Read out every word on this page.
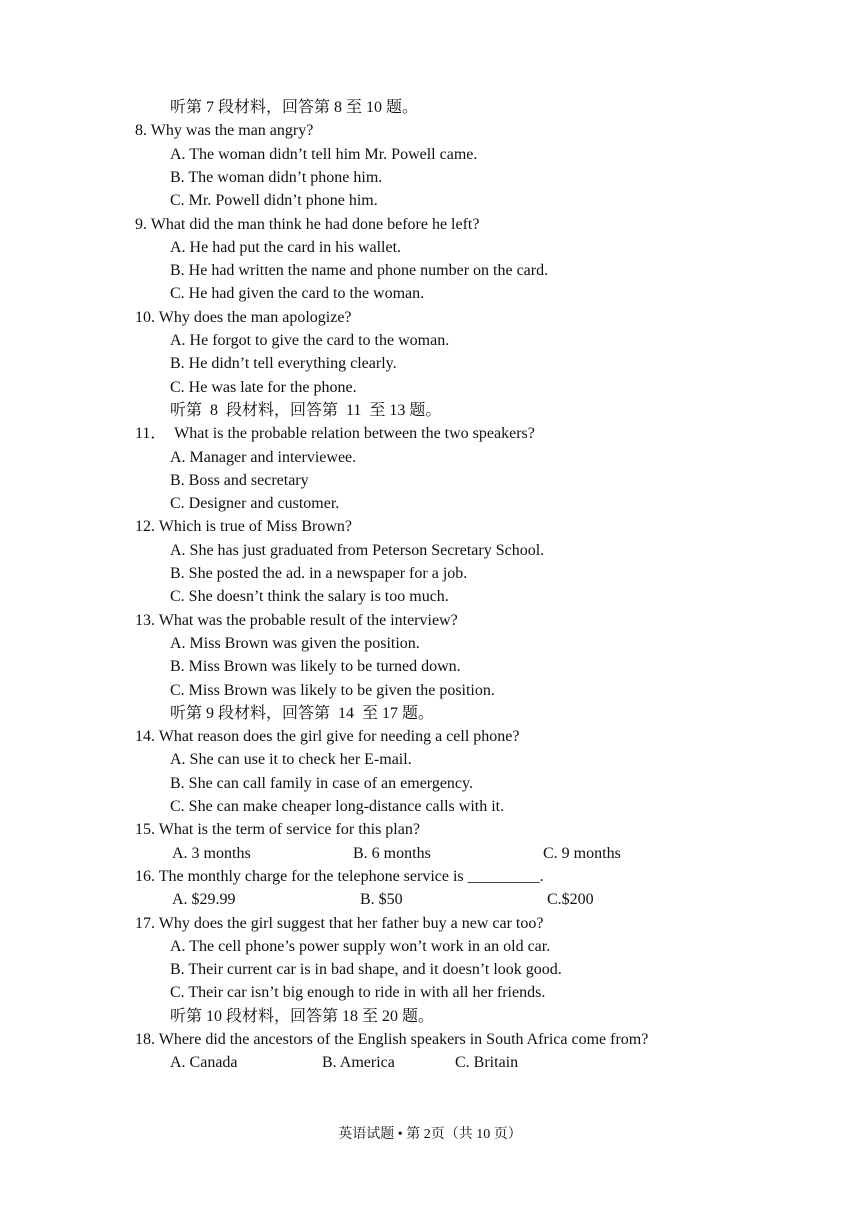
听第 7 段材料，回答第 8 至 10 题。
8. Why was the man angry?
A. The woman didn’t tell him Mr. Powell came.
B. The woman didn’t phone him.
C. Mr. Powell didn’t phone him.
9. What did the man think he had done before he left?
A. He had put the card in his wallet.
B. He had written the name and phone number on the card.
C. He had given the card to the woman.
10. Why does the man apologize?
A. He forgot to give the card to the woman.
B. He didn’t tell everything clearly.
C. He was late for the phone.
听第  8  段材料，回答第  11  至 13 题。
11．  What is the probable relation between the two speakers?
A. Manager and interviewee.
B. Boss and secretary
C. Designer and customer.
12. Which is true of Miss Brown?
A. She has just graduated from Peterson Secretary School.
B. She posted the ad. in a newspaper for a job.
C. She doesn’t think the salary is too much.
13. What was the probable result of the interview?
A. Miss Brown was given the position.
B. Miss Brown was likely to be turned down.
C. Miss Brown was likely to be given the position.
听第 9 段材料，回答第  14  至 17 题。
14. What reason does the girl give for needing a cell phone?
A. She can use it to check her E-mail.
B. She can call family in case of an emergency.
C. She can make cheaper long-distance calls with it.
15. What is the term of service for this plan?
A. 3 months	B. 6 months	C. 9 months
16. The monthly charge for the telephone service is _________.
A. $29.99	B. $50	C.$200
17. Why does the girl suggest that her father buy a new car too?
A. The cell phone’s power supply won’t work in an old car.
B. Their current car is in bad shape, and it doesn’t look good.
C. Their car isn’t big enough to ride in with all her friends.
听第 10 段材料，回答第 18 至 20 题。
18. Where did the ancestors of the English speakers in South Africa come from?
A. Canada	B. America	C. Britain
英语试题 • 第 2页（共 10 页）
